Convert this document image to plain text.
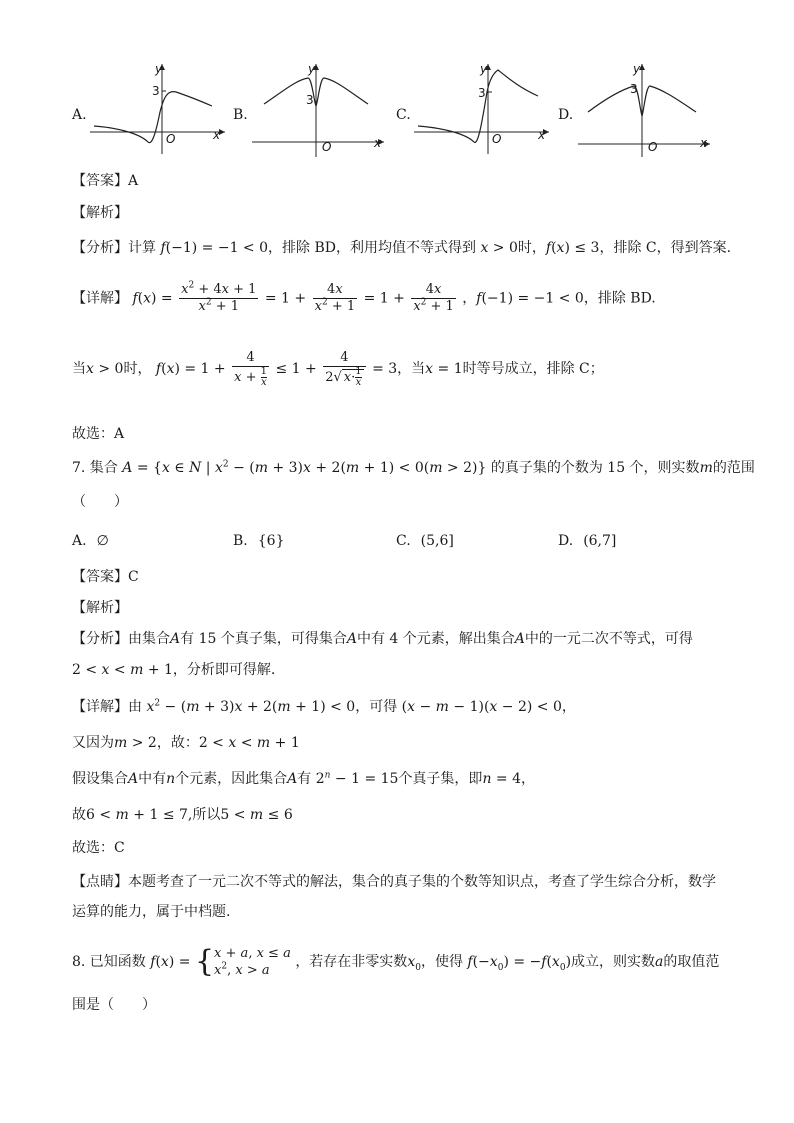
A.
y
3
O	x
B.
y
3
O	x
C.
y
3
O	x
D.
y
3
O	x
【答案】A
【解析】
【分析】计算 f(−1) = −1 < 0，排除 BD，利用均值不等式得到 x > 0时，f(x) ≤ 3，排除 C，得到答案.
【详解】 $f(x) = \frac{x^2 + 4x + 1}{x^2 + 1} = 1 + \frac{4x}{x^2 + 1} = 1 + \frac{4x}{x^2 + 1}$ ，f(−1) = −1 < 0，排除 BD.
当x > 0时， $f(x) = 1 + \frac{4}{x + \frac{1}{x}} \le 1 + \frac{4}{2√ x\cdot \frac{1}{x}} = 3$，当x = 1时等号成立，排除 C；
故选：A
7. 集合 A = {x ∈ N | $x^2 - (m + 3)x + 2(m + 1) < 0(m > 2)$} 的真子集的个数为 15 个，则实数m的范围
（　　）
A. ∅	B. {6}	C. (5,6]	D. (6,7]
【答案】C
【解析】
【分析】由集合A有 15 个真子集，可得集合A中有 4 个元素，解出集合A中的一元二次不等式，可得
2 < x < m + 1，分析即可得解.
【详解】由 $x^2 - (m + 3)x + 2(m + 1) < 0$，可得 (x − m − 1)(x − 2) < 0，
又因为m > 2，故：2 < x < m + 1
假设集合A中有n个元素，因此集合A有 $2^n - 1 = 15$个真子集，即n = 4，
故6 < m + 1 ≤ 7,所以5 < m ≤ 6
故选：C
【点睛】本题考查了一元二次不等式的解法，集合的真子集的个数等知识点，考查了学生综合分析，数学
运算的能力，属于中档题.
8. 已知函数 f(x) = { x + a, x ≤ a
$x^2$, x > a
，若存在非零实数$x_0$，使得 $f(-x_0) = -f(x_0)$成立，则实数a的取值范
围是（　　）
